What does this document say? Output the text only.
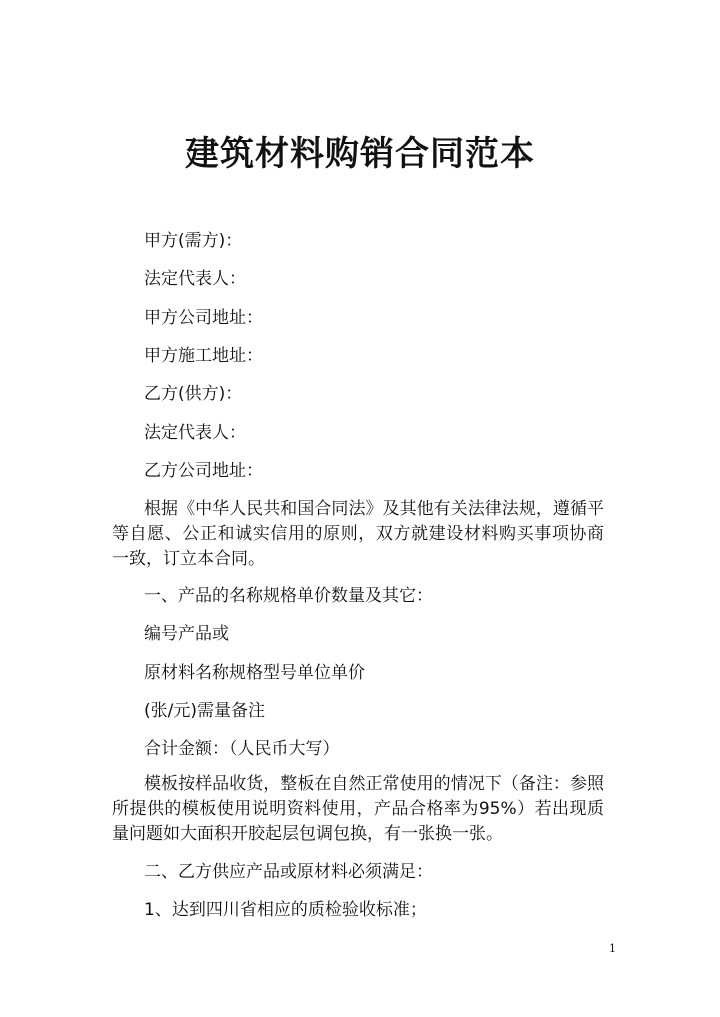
建筑材料购销合同范本
甲方(需方)：
法定代表人：
甲方公司地址：
甲方施工地址：
乙方(供方)：
法定代表人：
乙方公司地址：
根据《中华人民共和国合同法》及其他有关法律法规，遵循平等自愿、公正和诚实信用的原则，双方就建设材料购买事项协商一致，订立本合同。
一、产品的名称规格单价数量及其它：
编号产品或
原材料名称规格型号单位单价
(张/元)需量备注
合计金额：（人民币大写）
模板按样品收货，整板在自然正常使用的情况下（备注：参照所提供的模板使用说明资料使用，产品合格率为95%）若出现质量问题如大面积开胶起层包调包换，有一张换一张。
二、乙方供应产品或原材料必须满足：
1、达到四川省相应的质检验收标准；
1
